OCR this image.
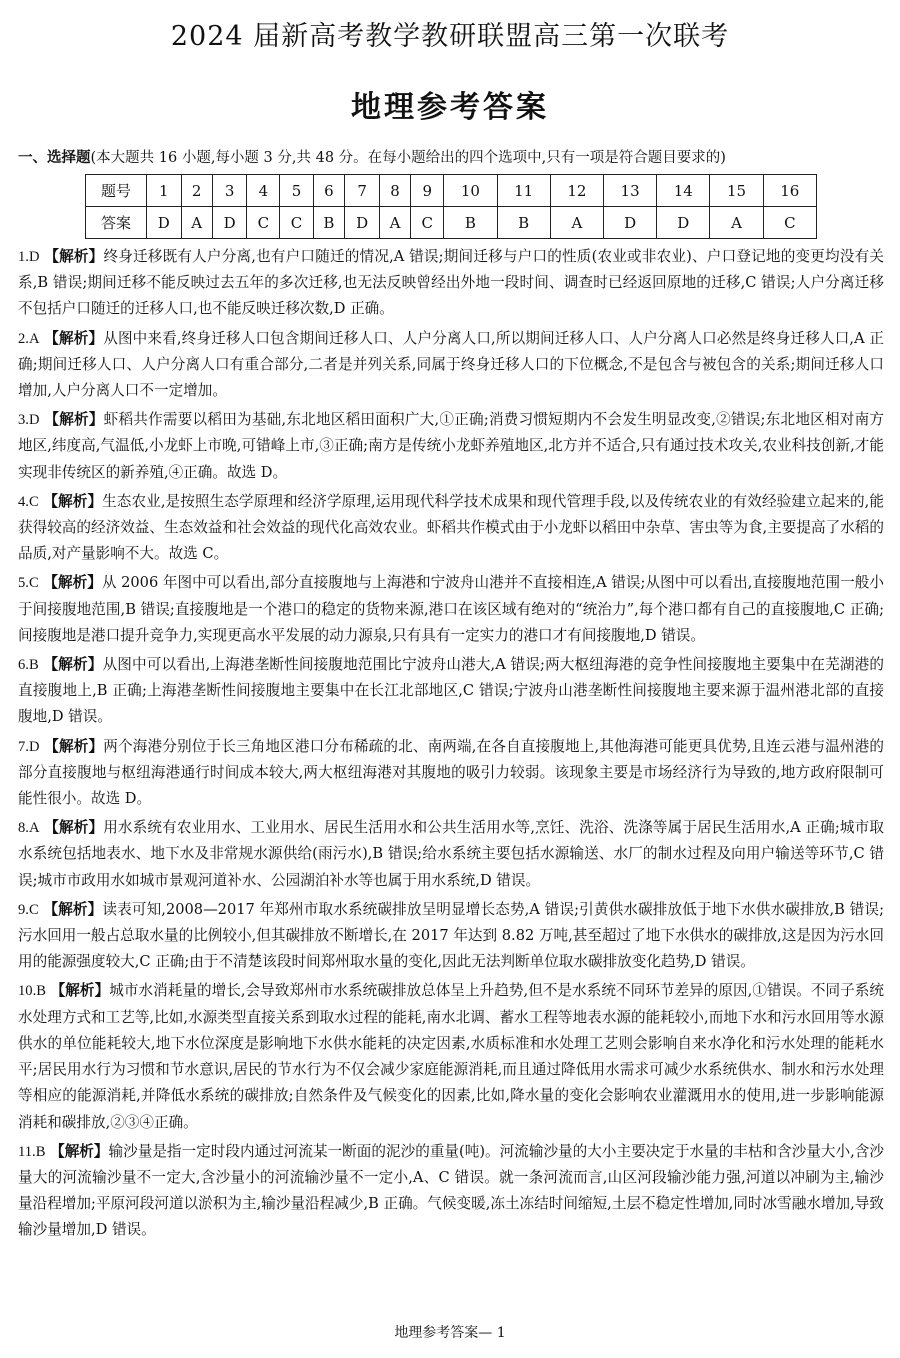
2024 届新高考教学教研联盟高三第一次联考
地理参考答案
一、选择题(本大题共 16 小题,每小题 3 分,共 48 分。在每小题给出的四个选项中,只有一项是符合题目要求的)
题号	1	2	3	4	5	6	7	8	9	10	11	12	13	14	15	16
答案	D	A	D	C	C	B	D	A	C	B	B	A	D	D	A	C

1.D 【解析】终身迁移既有人户分离,也有户口随迁的情况,A 错误;期间迁移与户口的性质(农业或非农业)、户口登记地的变更均没有关系,B 错误;期间迁移不能反映过去五年的多次迁移,也无法反映曾经出外地一段时间、调查时已经返回原地的迁移,C 错误;人户分离迁移不包括户口随迁的迁移人口,也不能反映迁移次数,D 正确。

2.A 【解析】从图中来看,终身迁移人口包含期间迁移人口、人户分离人口,所以期间迁移人口、人户分离人口必然是终身迁移人口,A 正确;期间迁移人口、人户分离人口有重合部分,二者是并列关系,同属于终身迁移人口的下位概念,不是包含与被包含的关系;期间迁移人口增加,人户分离人口不一定增加。

3.D 【解析】虾稻共作需要以稻田为基础,东北地区稻田面积广大,①正确;消费习惯短期内不会发生明显改变,②错误;东北地区相对南方地区,纬度高,气温低,小龙虾上市晚,可错峰上市,③正确;南方是传统小龙虾养殖地区,北方并不适合,只有通过技术攻关,农业科技创新,才能实现非传统区的新养殖,④正确。故选 D。

4.C 【解析】生态农业,是按照生态学原理和经济学原理,运用现代科学技术成果和现代管理手段,以及传统农业的有效经验建立起来的,能获得较高的经济效益、生态效益和社会效益的现代化高效农业。虾稻共作模式由于小龙虾以稻田中杂草、害虫等为食,主要提高了水稻的品质,对产量影响不大。故选 C。

5.C 【解析】从 2006 年图中可以看出,部分直接腹地与上海港和宁波舟山港并不直接相连,A 错误;从图中可以看出,直接腹地范围一般小于间接腹地范围,B 错误;直接腹地是一个港口的稳定的货物来源,港口在该区域有绝对的“统治力”,每个港口都有自己的直接腹地,C 正确;间接腹地是港口提升竞争力,实现更高水平发展的动力源泉,只有具有一定实力的港口才有间接腹地,D 错误。

6.B 【解析】从图中可以看出,上海港垄断性间接腹地范围比宁波舟山港大,A 错误;两大枢纽海港的竞争性间接腹地主要集中在芜湖港的直接腹地上,B 正确;上海港垄断性间接腹地主要集中在长江北部地区,C 错误;宁波舟山港垄断性间接腹地主要来源于温州港北部的直接腹地,D 错误。

7.D 【解析】两个海港分别位于长三角地区港口分布稀疏的北、南两端,在各自直接腹地上,其他海港可能更具优势,且连云港与温州港的部分直接腹地与枢纽海港通行时间成本较大,两大枢纽海港对其腹地的吸引力较弱。该现象主要是市场经济行为导致的,地方政府限制可能性很小。故选 D。

8.A 【解析】用水系统有农业用水、工业用水、居民生活用水和公共生活用水等,烹饪、洗浴、洗涤等属于居民生活用水,A 正确;城市取水系统包括地表水、地下水及非常规水源供给(雨污水),B 错误;给水系统主要包括水源输送、水厂的制水过程及向用户输送等环节,C 错误;城市市政用水如城市景观河道补水、公园湖泊补水等也属于用水系统,D 错误。

9.C 【解析】读表可知,2008—2017 年郑州市取水系统碳排放呈明显增长态势,A 错误;引黄供水碳排放低于地下水供水碳排放,B 错误;污水回用一般占总取水量的比例较小,但其碳排放不断增长,在 2017 年达到 8.82 万吨,甚至超过了地下水供水的碳排放,这是因为污水回用的能源强度较大,C 正确;由于不清楚该段时间郑州取水量的变化,因此无法判断单位取水碳排放变化趋势,D 错误。

10.B 【解析】城市水消耗量的增长,会导致郑州市水系统碳排放总体呈上升趋势,但不是水系统不同环节差异的原因,①错误。不同子系统水处理方式和工艺等,比如,水源类型直接关系到取水过程的能耗,南水北调、蓄水工程等地表水源的能耗较小,而地下水和污水回用等水源供水的单位能耗较大,地下水位深度是影响地下水供水能耗的决定因素,水质标准和水处理工艺则会影响自来水净化和污水处理的能耗水平;居民用水行为习惯和节水意识,居民的节水行为不仅会减少家庭能源消耗,而且通过降低用水需求可减少水系统供水、制水和污水处理等相应的能源消耗,并降低水系统的碳排放;自然条件及气候变化的因素,比如,降水量的变化会影响农业灌溉用水的使用,进一步影响能源消耗和碳排放,②③④正确。

11.B 【解析】输沙量是指一定时段内通过河流某一断面的泥沙的重量(吨)。河流输沙量的大小主要决定于水量的丰枯和含沙量大小,含沙量大的河流输沙量不一定大,含沙量小的河流输沙量不一定小,A、C 错误。就一条河流而言,山区河段输沙能力强,河道以冲刷为主,输沙量沿程增加;平原河段河道以淤积为主,输沙量沿程减少,B 正确。气候变暖,冻土冻结时间缩短,土层不稳定性增加,同时冰雪融水增加,导致输沙量增加,D 错误。

地理参考答案— 1
